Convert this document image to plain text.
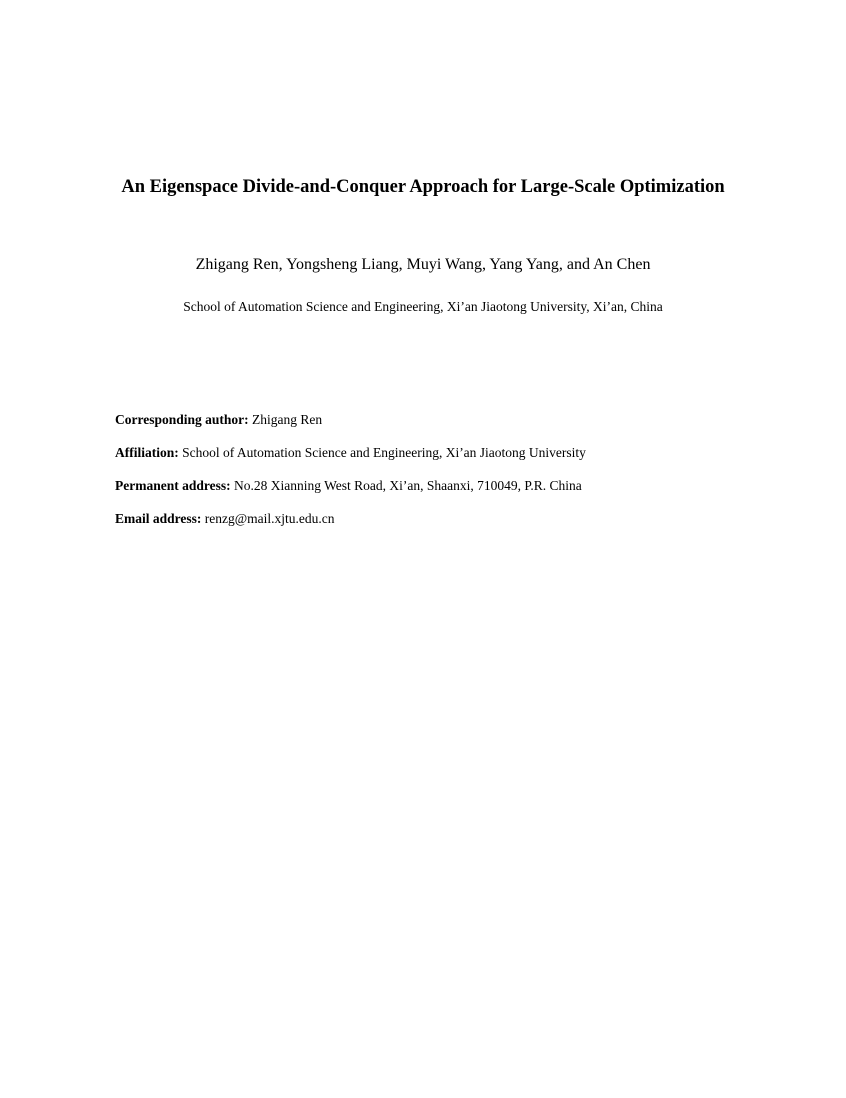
An Eigenspace Divide-and-Conquer Approach for Large-Scale Optimization
Zhigang Ren, Yongsheng Liang, Muyi Wang, Yang Yang, and An Chen
School of Automation Science and Engineering, Xi’an Jiaotong University, Xi’an, China
Corresponding author: Zhigang Ren
Affiliation: School of Automation Science and Engineering, Xi’an Jiaotong University
Permanent address: No.28 Xianning West Road, Xi’an, Shaanxi, 710049, P.R. China
Email address: renzg@mail.xjtu.edu.cn
